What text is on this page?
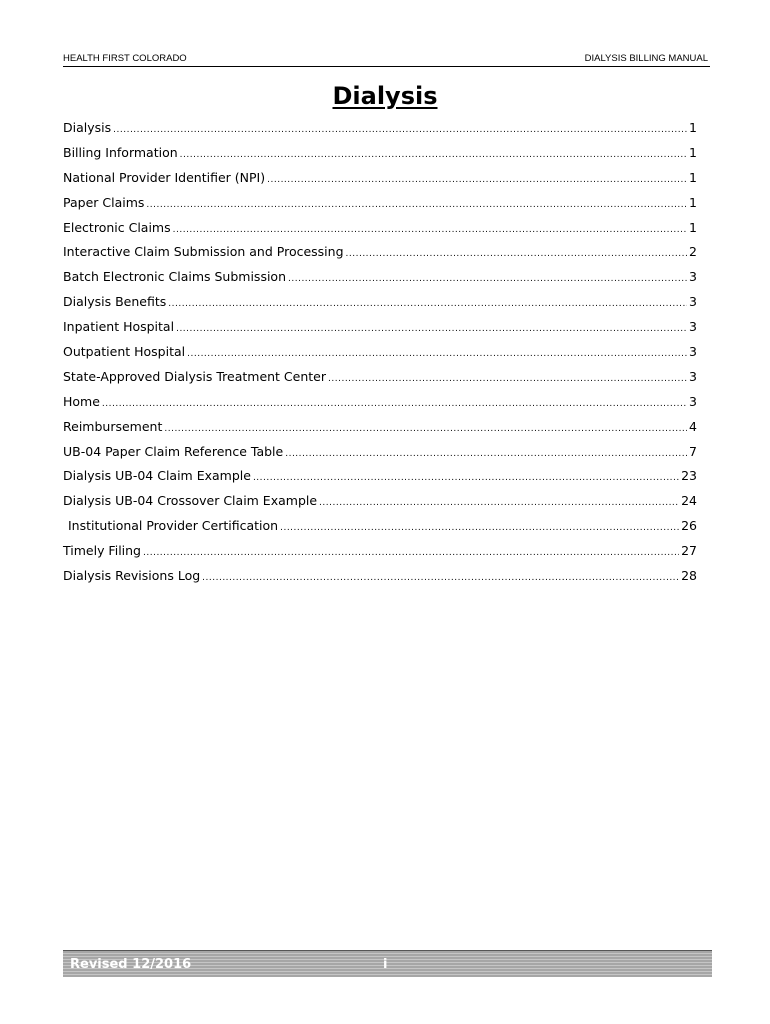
HEALTH FIRST COLORADO	DIALYSIS BILLING MANUAL
Dialysis
Dialysis .....	1
Billing Information .....	1
National Provider Identifier (NPI) .....	1
Paper Claims .....	1
Electronic Claims .....	1
Interactive Claim Submission and Processing .....	2
Batch Electronic Claims Submission .....	3
Dialysis Benefits .....	3
Inpatient Hospital .....	3
Outpatient Hospital .....	3
State-Approved Dialysis Treatment Center .....	3
Home .....	3
Reimbursement .....	4
UB-04 Paper Claim Reference Table .....	7
Dialysis UB-04 Claim Example .....	23
Dialysis UB-04 Crossover Claim Example .....	24
Institutional Provider Certification .....	26
Timely Filing .....	27
Dialysis Revisions Log .....	28
Revised 12/2016	i
